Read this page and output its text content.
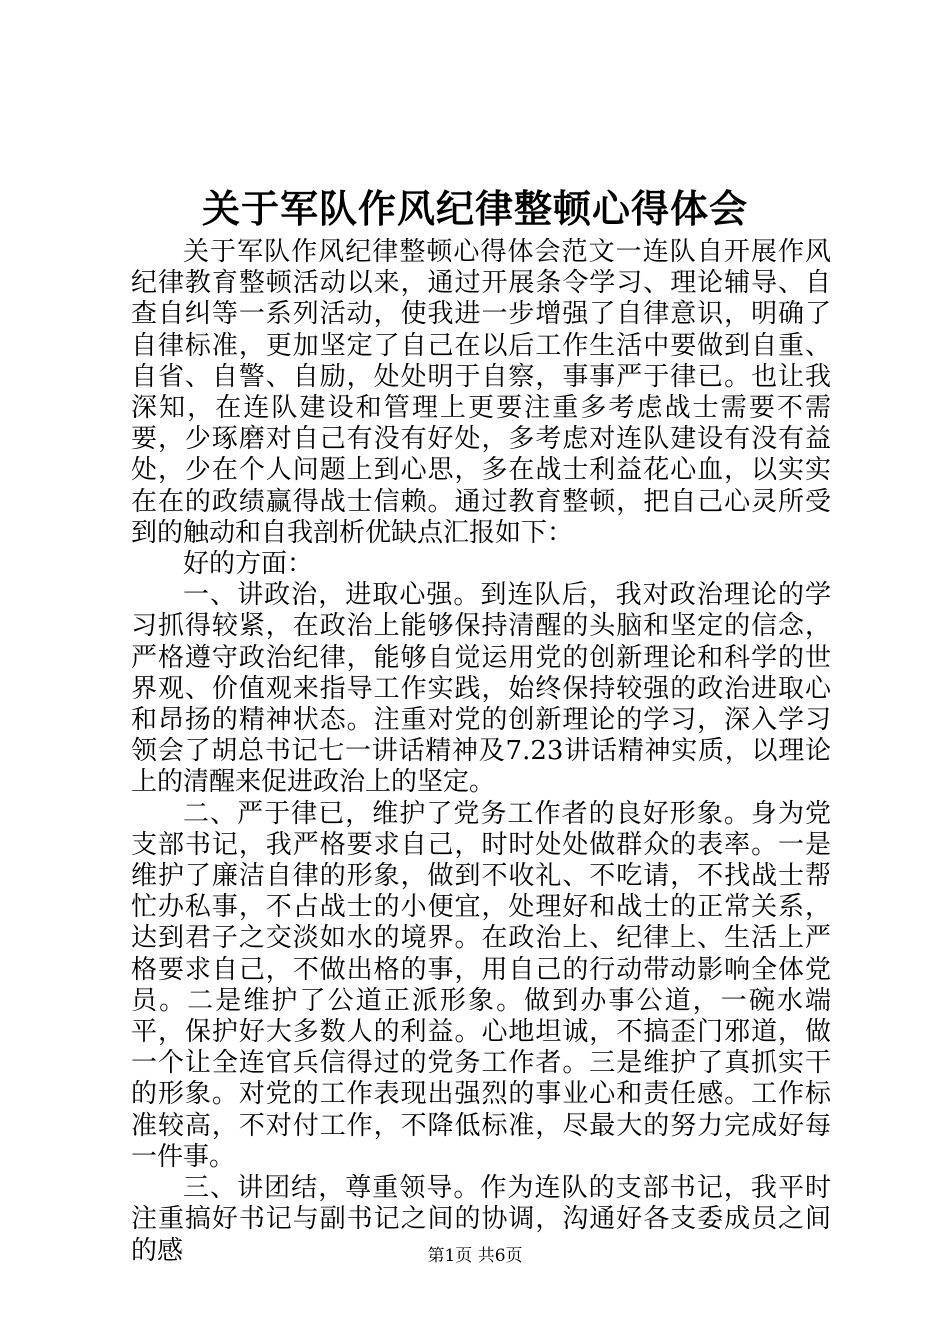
关于军队作风纪律整顿心得体会

关于军队作风纪律整顿心得体会范文一连队自开展作风纪律教育整顿活动以来，通过开展条令学习、理论辅导、自查自纠等一系列活动，使我进一步增强了自律意识，明确了自律标准，更加坚定了自己在以后工作生活中要做到自重、自省、自警、自励，处处明于自察，事事严于律已。也让我深知，在连队建设和管理上更要注重多考虑战士需要不需要，少琢磨对自己有没有好处，多考虑对连队建设有没有益处，少在个人问题上到心思，多在战士利益花心血，以实实在在的政绩赢得战士信赖。通过教育整顿，把自己心灵所受到的触动和自我剖析优缺点汇报如下：

好的方面：

一、讲政治，进取心强。到连队后，我对政治理论的学习抓得较紧，在政治上能够保持清醒的头脑和坚定的信念，严格遵守政治纪律，能够自觉运用党的创新理论和科学的世界观、价值观来指导工作实践，始终保持较强的政治进取心和昂扬的精神状态。注重对党的创新理论的学习，深入学习领会了胡总书记七一讲话精神及7.23讲话精神实质，以理论上的清醒来促进政治上的坚定。

二、严于律已，维护了党务工作者的良好形象。身为党支部书记，我严格要求自己，时时处处做群众的表率。一是维护了廉洁自律的形象，做到不收礼、不吃请，不找战士帮忙办私事，不占战士的小便宜，处理好和战士的正常关系，达到君子之交淡如水的境界。在政治上、纪律上、生活上严格要求自己，不做出格的事，用自己的行动带动影响全体党员。二是维护了公道正派形象。做到办事公道，一碗水端平，保护好大多数人的利益。心地坦诚，不搞歪门邪道，做一个让全连官兵信得过的党务工作者。三是维护了真抓实干的形象。对党的工作表现出强烈的事业心和责任感。工作标准较高，不对付工作，不降低标准，尽最大的努力完成好每一件事。

三、讲团结，尊重领导。作为连队的支部书记，我平时注重搞好书记与副书记之间的协调，沟通好各支委成员之间的感	第1页 共6页
